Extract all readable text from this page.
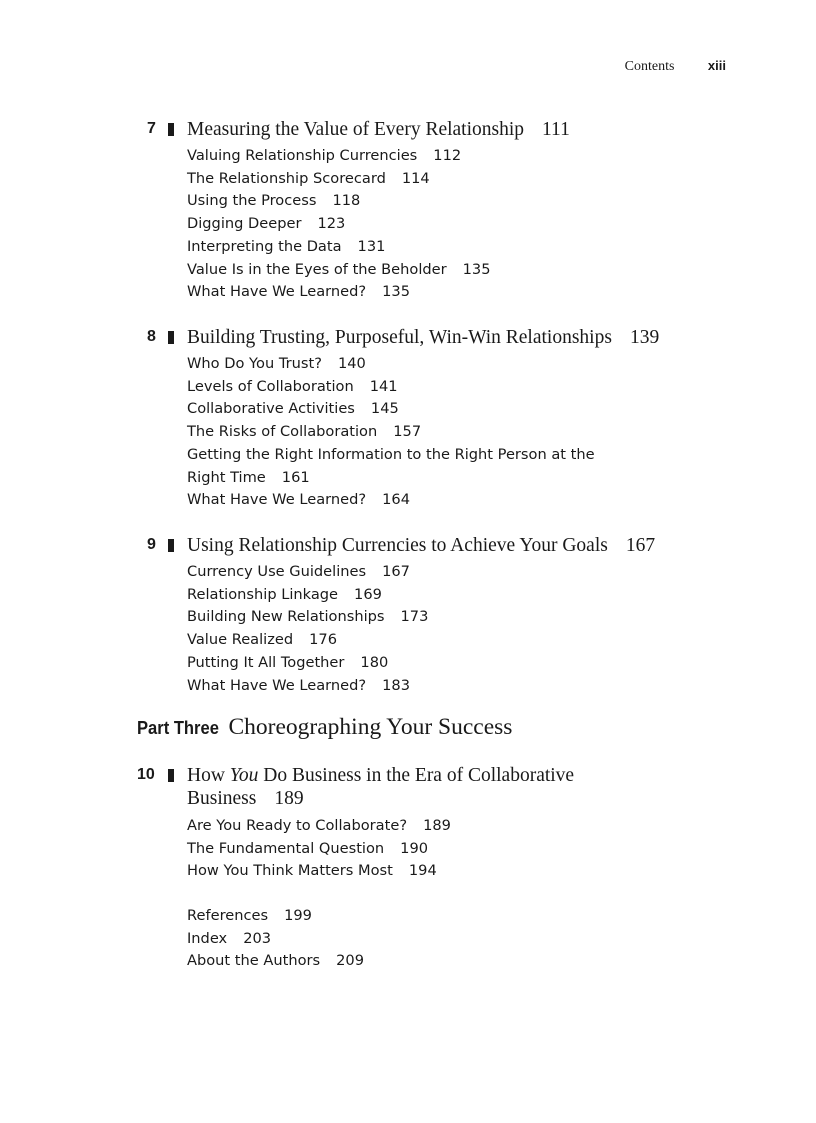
Contents	xiii
7 Measuring the Value of Every Relationship 111
Valuing Relationship Currencies 112
The Relationship Scorecard 114
Using the Process 118
Digging Deeper 123
Interpreting the Data 131
Value Is in the Eyes of the Beholder 135
What Have We Learned? 135
8 Building Trusting, Purposeful, Win-Win Relationships 139
Who Do You Trust? 140
Levels of Collaboration 141
Collaborative Activities 145
The Risks of Collaboration 157
Getting the Right Information to the Right Person at the
Right Time 161
What Have We Learned? 164
9 Using Relationship Currencies to Achieve Your Goals 167
Currency Use Guidelines 167
Relationship Linkage 169
Building New Relationships 173
Value Realized 176
Putting It All Together 180
What Have We Learned? 183
Part Three Choreographing Your Success
10 How You Do Business in the Era of Collaborative
Business 189
Are You Ready to Collaborate? 189
The Fundamental Question 190
How You Think Matters Most 194
References 199
Index 203
About the Authors 209
